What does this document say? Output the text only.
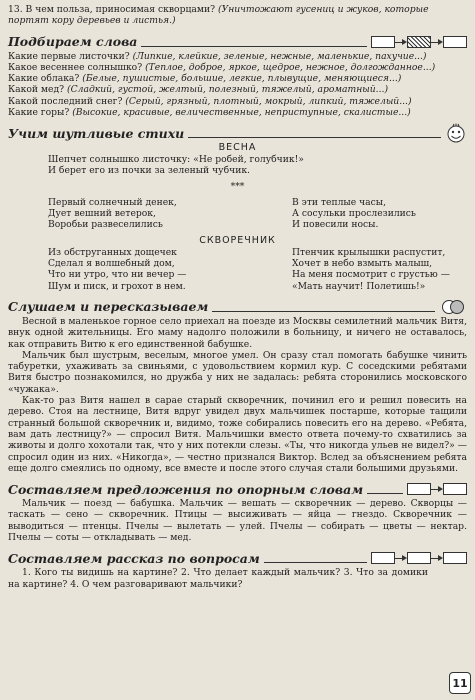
13. В чем польза, приносимая скворцами? (Уничтожают гусениц и жуков, которые портят кору деревьев и листья.)

Подбираем слова

Какие первые листочки? (Липкие, клейкие, зеленые, нежные, маленькие, пахучие...)

Какое весеннее солнышко? (Теплое, доброе, яркое, щедрое, нежное, долгожданное...)

Какие облака? (Белые, пушистые, большие, легкие, плывущие, меняющиеся...)

Какой мед? (Сладкий, густой, желтый, полезный, тяжелый, ароматный...)

Какой последний снег? (Серый, грязный, плотный, мокрый, липкий, тяжелый...)

Какие горы? (Высокие, красивые, величественные, неприступные, скалистые...)

Учим шутливые стихи

ВЕСНА

Шепчет солнышко листочку: «Не робей, голубчик!»

И берет его из почки за зеленый чубчик.

***

Первый солнечный денек,

Дует вешний ветерок,

Воробьи развеселились

В эти теплые часы,

А сосульки прослезились

И повесили носы.

СКВОРЕЧНИК

Из обструганных дощечек

Сделал я волшебный дом,

Что ни утро, что ни вечер —

Шум и писк, и грохот в нем.

Птенчик крылышки распустит,

Хочет в небо взмыть малыш,

На меня посмотрит с грустью —

«Мать научит! Полетишь!»

Слушаем и пересказываем

Весной в маленькое горное село приехал на поезде из Москвы семилетний мальчик Витя, внук одной жительницы. Его маму надолго положили в больницу, и ничего не оставалось, как отправить Витю к его единственной бабушке.

Мальчик был шустрым, веселым, многое умел. Он сразу стал помогать бабушке чинить табуретки, ухаживать за свиньями, с удовольствием кормил кур. С соседскими ребятами Витя быстро познакомился, но дружба у них не задалась: ребята сторонились московского «чужака».

Как-то раз Витя нашел в сарае старый скворечник, починил его и решил повесить на дерево. Стоя на лестнице, Витя вдруг увидел двух мальчишек постарше, которые тащили странный большой скворечник и, видимо, тоже собирались повесить его на дерево. «Ребята, вам дать лестницу?» — спросил Витя. Мальчишки вместо ответа почему-то схватились за животы и долго хохотали так, что у них потекли слезы. «Ты, что никогда ульев не видел?» — спросил один из них. «Никогда», — честно признался Виктор. Вслед за объяснением ребята еще долго смеялись по одному, все вместе и после этого случая стали большими друзьями.

Составляем предложения по опорным словам

Мальчик — поезд — бабушка. Мальчик — вешать — скворечник — дерево. Скворцы — таскать — сено — скворечник. Птицы — высиживать — яйца — гнездо. Скворечник — выводиться — птенцы. Пчелы — вылетать — улей. Пчелы — собирать — цветы — нектар. Пчелы — соты — откладывать — мед.

Составляем рассказ по вопросам

1. Кого ты видишь на картине? 2. Что делает каждый мальчик? 3. Что за домики на картине? 4. О чем разговаривают мальчики?

11
